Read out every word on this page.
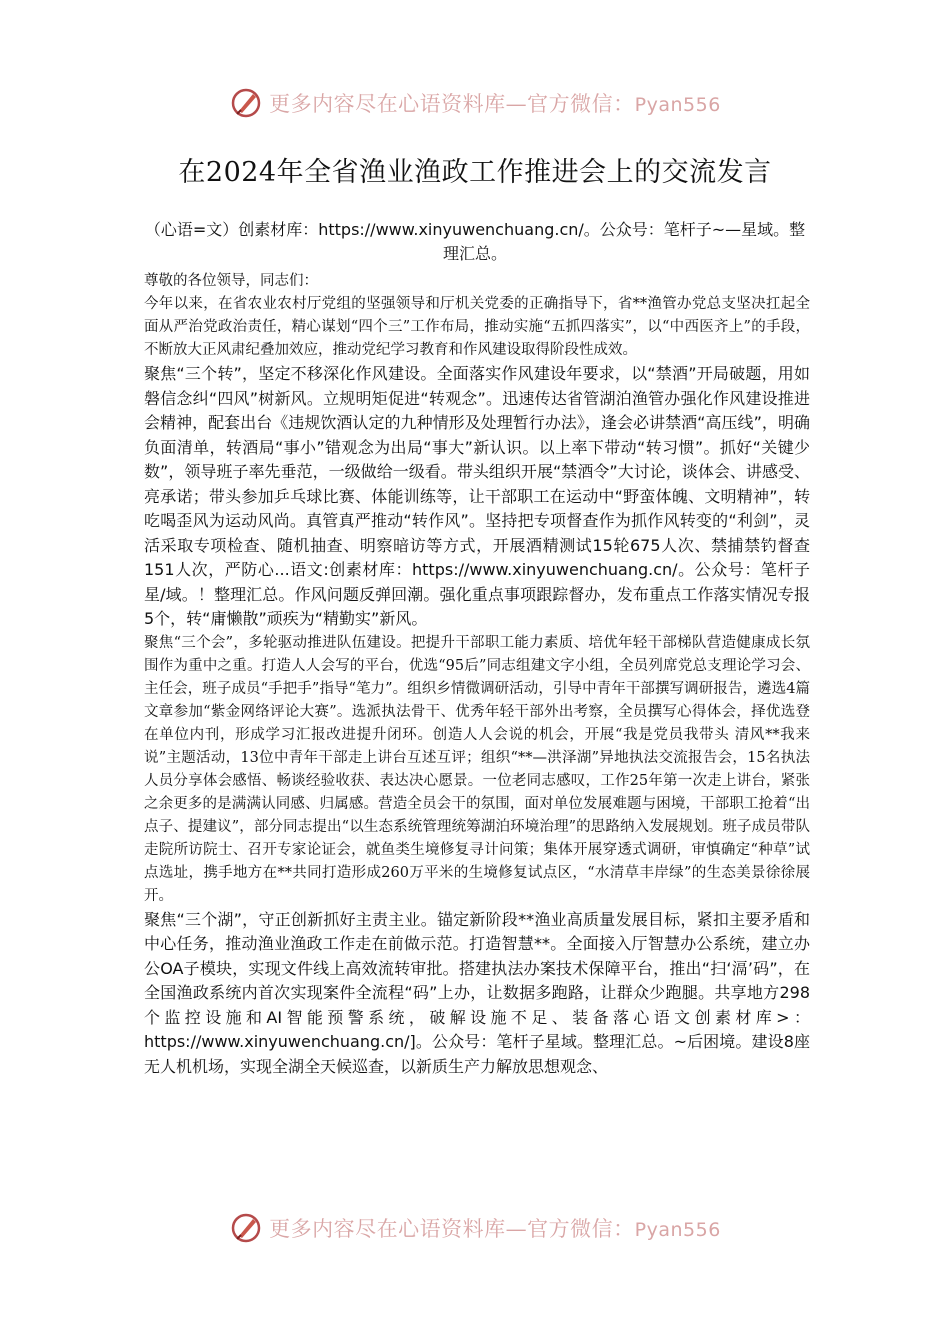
更多内容尽在心语资料库—官方微信：Pyan556
在2024年全省渔业渔政工作推进会上的交流发言
（心语=文）创素材库：https://www.xinyuwenchuang.cn/。公众号：笔杆子~—星域。整理汇总。

尊敬的各位领导，同志们：

今年以来，在省农业农村厅党组的坚强领导和厅机关党委的正确指导下，省**渔管办党总支坚决扛起全面从严治党政治责任，精心谋划“四个三”工作布局，推动实施“五抓四落实”，以“中西医齐上”的手段，不断放大正风肃纪叠加效应，推动党纪学习教育和作风建设取得阶段性成效。

聚焦“三个转”，坚定不移深化作风建设。全面落实作风建设年要求，以“禁酒”开局破题，用如磐信念纠“四风”树新风。立规明矩促进“转观念”。迅速传达省管湖泊渔管办强化作风建设推进会精神，配套出台《违规饮酒认定的九种情形及处理暂行办法》，逢会必讲禁酒“高压线”，明确负面清单，转酒局“事小”错观念为出局“事大”新认识。以上率下带动“转习惯”。抓好“关键少数”，领导班子率先垂范，一级做给一级看。带头组织开展“禁酒令”大讨论，谈体会、讲感受、亮承诺；带头参加乒乓球比赛、体能训练等，让干部职工在运动中“野蛮体魄、文明精神”，转吃喝歪风为运动风尚。真管真严推动“转作风”。坚持把专项督查作为抓作风转变的“利剑”，灵活采取专项检查、随机抽查、明察暗访等方式，开展酒精测试15轮675人次、禁捕禁钓督查151人次，严防心...语文:创素材库：https://www.xinyuwenchuang.cn/。公众号：笔杆子星/域。！整理汇总。作风问题反弹回潮。强化重点事项跟踪督办，发布重点工作落实情况专报5个，转“庸懒散”顽疾为“精勤实”新风。

聚焦“三个会”，多轮驱动推进队伍建设。把提升干部职工能力素质、培优年轻干部梯队营造健康成长氛围作为重中之重。打造人人会写的平台，优选“95后”同志组建文字小组，全员列席党总支理论学习会、主任会，班子成员“手把手”指导“笔力”。组织乡情微调研活动，引导中青年干部撰写调研报告，遴选4篇文章参加“紫金网络评论大赛”。选派执法骨干、优秀年轻干部外出考察，全员撰写心得体会，择优选登在单位内刊，形成学习汇报改进提升闭环。创造人人会说的机会，开展“我是党员我带头 清风**我来说”主题活动，13位中青年干部走上讲台互述互评；组织“**—洪泽湖”异地执法交流报告会，15名执法人员分享体会感悟、畅谈经验收获、表达决心愿景。一位老同志感叹，工作25年第一次走上讲台，紧张之余更多的是满满认同感、归属感。营造全员会干的氛围，面对单位发展难题与困境，干部职工抢着“出点子、提建议”，部分同志提出“以生态系统管理统筹湖泊环境治理”的思路纳入发展规划。班子成员带队走院所访院士、召开专家论证会，就鱼类生境修复寻计问策；集体开展穿透式调研，审慎确定“种草”试点选址，携手地方在**共同打造形成260万平米的生境修复试点区，“水清草丰岸绿”的生态美景徐徐展开。

聚焦“三个湖”，守正创新抓好主责主业。锚定新阶段**渔业高质量发展目标，紧扣主要矛盾和中心任务，推动渔业渔政工作走在前做示范。打造智慧**。全面接入厅智慧办公系统，建立办公OA子模块，实现文件线上高效流转审批。搭建执法办案技术保障平台，推出“扫‘滆’码”，在全国渔政系统内首次实现案件全流程“码”上办，让数据多跑路，让群众少跑腿。共享地方298个监控设施和AI智能预警系统，破解设施不足、装备落心语文创素材库>：https://www.xinyuwenchuang.cn/]。公众号：笔杆子星域。整理汇总。~后困境。建设8座无人机机场，实现全湖全天候巡查，以新质生产力解放思想观念、

更多内容尽在心语资料库—官方微信：Pyan556
